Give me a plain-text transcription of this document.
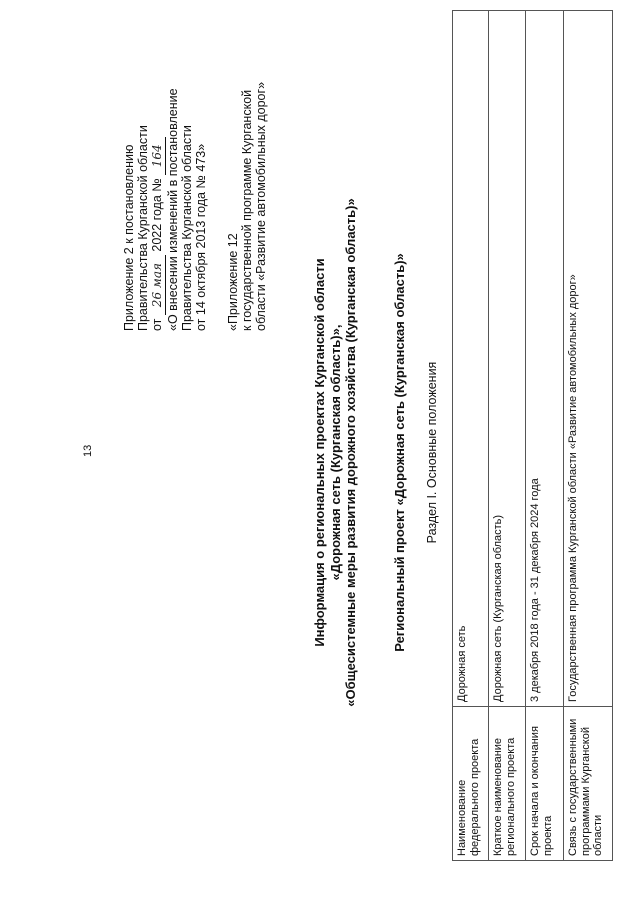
13
Приложение 2 к постановлению Правительства Курганской области от 26 мая 2022 года № 164 «О внесении изменений в постановление Правительства Курганской области от 14 октября 2013 года № 473» «Приложение 12 к государственной программе Курганской области «Развитие автомобильных дорог»
Информация о региональных проектах Курганской области «Дорожная сеть (Курганская область)», «Общесистемные меры развития дорожного хозяйства (Курганская область)»	Региональный проект «Дорожная сеть (Курганская область)» Раздел I. Основные положения
Наименование федерального проекта	Дорожная сеть
Краткое наименование регионального проекта	Дорожная сеть (Курганская область)
Срок начала и окончания проекта	3 декабря 2018 года - 31 декабря 2024 года
Связь с государственными программами Курганской области	Государственная программа Курганской области «Развитие автомобильных дорог»
